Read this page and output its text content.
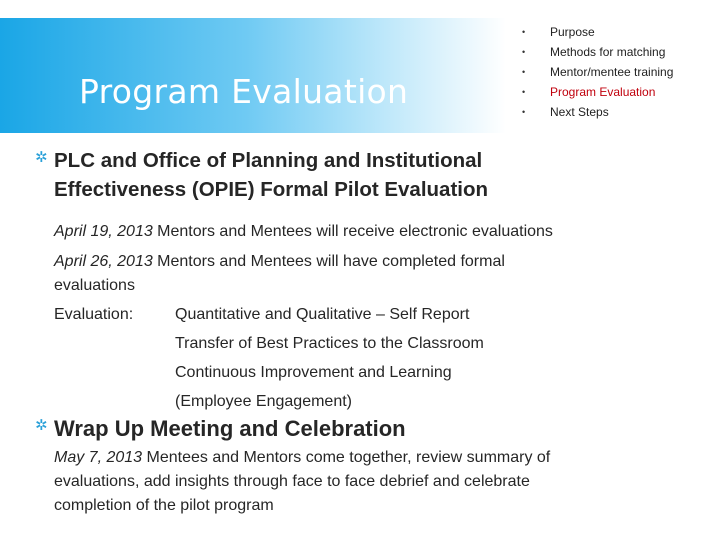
Program Evaluation
• Purpose
• Methods for matching
• Mentor/mentee training
• Program Evaluation
• Next Steps
✲ PLC and Office of Planning and Institutional
Effectiveness (OPIE) Formal Pilot Evaluation
April 19, 2013 Mentors and Mentees will receive electronic evaluations
April 26, 2013 Mentors and Mentees will have completed formal
evaluations
Evaluation:	Quantitative and Qualitative – Self Report
Transfer of Best Practices to the Classroom
Continuous Improvement and Learning
(Employee Engagement)
✲ Wrap Up Meeting and Celebration
May 7, 2013 Mentees and Mentors come together, review summary of
evaluations, add insights through face to face debrief and celebrate
completion of the pilot program
